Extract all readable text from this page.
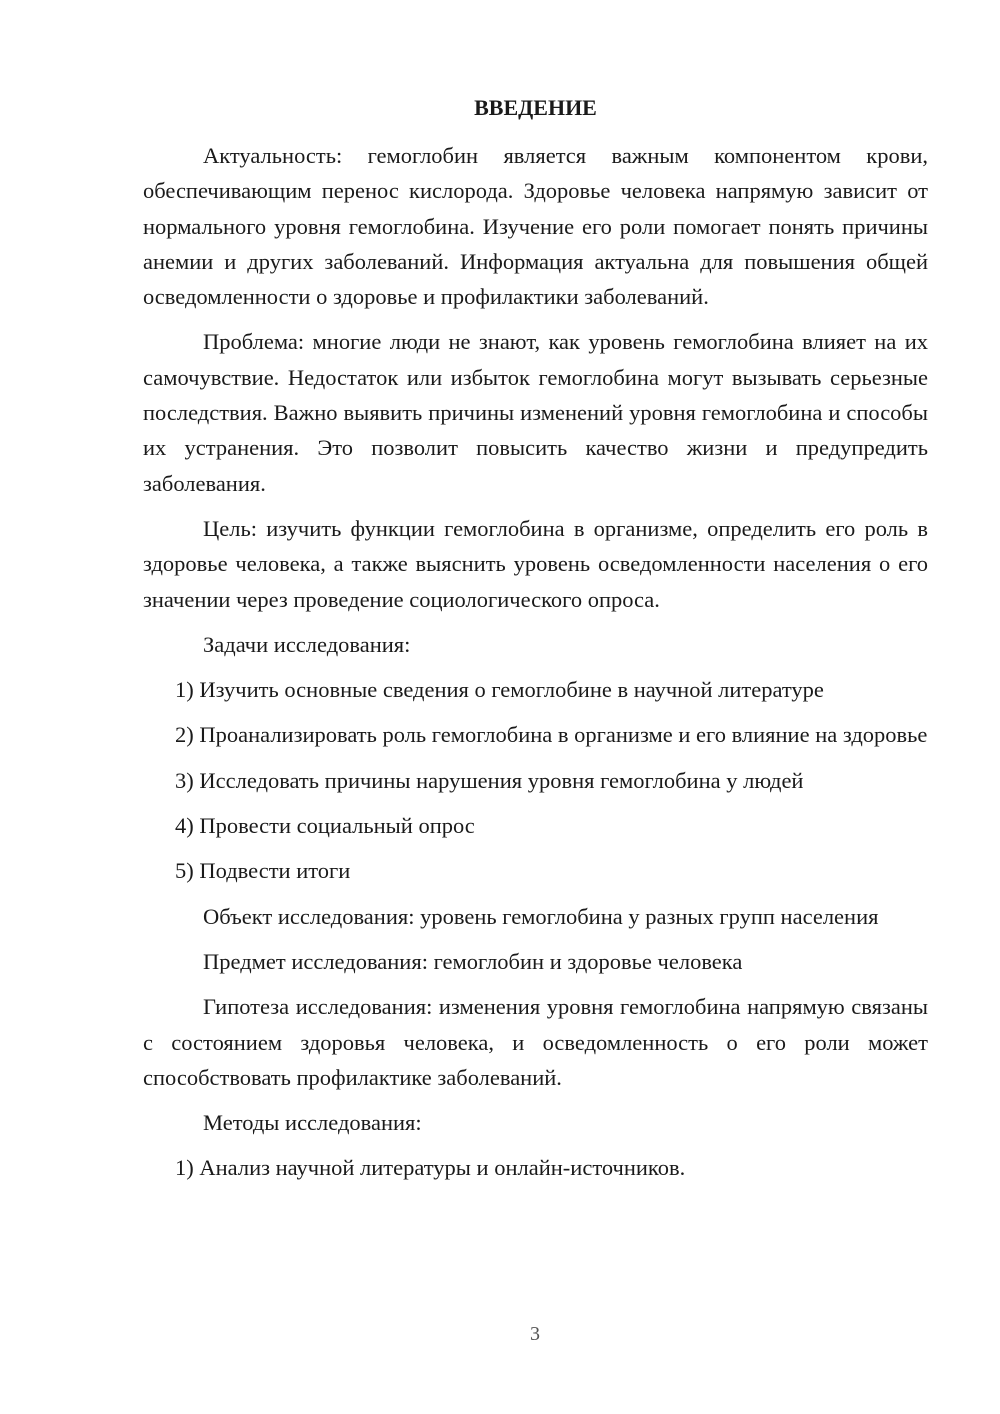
ВВЕДЕНИЕ

Актуальность: гемоглобин является важным компонентом крови, обеспечивающим перенос кислорода. Здоровье человека напрямую зависит от нормального уровня гемоглобина. Изучение его роли помогает понять причины анемии и других заболеваний. Информация актуальна для повышения общей осведомленности о здоровье и профилактики заболеваний.

Проблема: многие люди не знают, как уровень гемоглобина влияет на их самочувствие. Недостаток или избыток гемоглобина могут вызывать серьезные последствия. Важно выявить причины изменений уровня гемоглобина и способы их устранения. Это позволит повысить качество жизни и предупредить заболевания.

Цель: изучить функции гемоглобина в организме, определить его роль в здоровье человека, а также выяснить уровень осведомленности населения о его значении через проведение социологического опроса.

Задачи исследования:

1) Изучить основные сведения о гемоглобине в научной литературе

2) Проанализировать роль гемоглобина в организме и его влияние на здоровье

3) Исследовать причины нарушения уровня гемоглобина у людей

4) Провести социальный опрос

5) Подвести итоги

Объект исследования: уровень гемоглобина у разных групп населения

Предмет исследования: гемоглобин и здоровье человека

Гипотеза исследования: изменения уровня гемоглобина напрямую связаны с состоянием здоровья человека, и осведомленность о его роли может способствовать профилактике заболеваний.

Методы исследования:

1) Анализ научной литературы и онлайн-источников.

3
